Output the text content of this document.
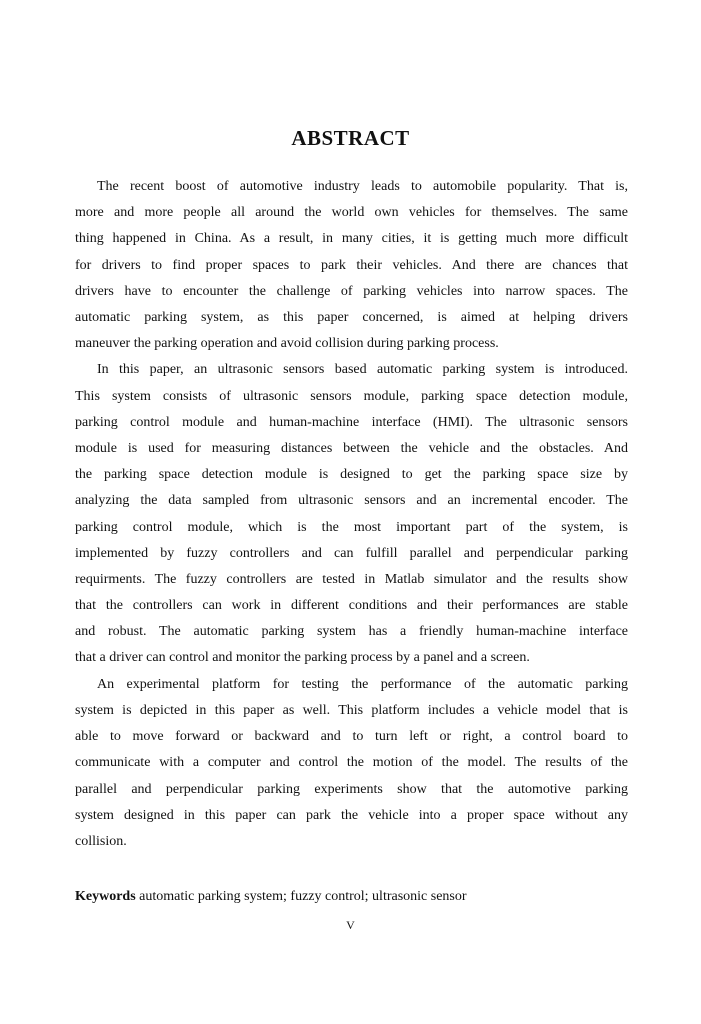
ABSTRACT
The recent boost of automotive industry leads to automobile popularity. That is,
more and more people all around the world own vehicles for themselves. The same
thing happened in China. As a result, in many cities, it is getting much more difficult
for drivers to find proper spaces to park their vehicles. And there are chances that
drivers have to encounter the challenge of parking vehicles into narrow spaces. The
automatic parking system, as this paper concerned, is aimed at helping drivers
maneuver the parking operation and avoid collision during parking process.
In this paper, an ultrasonic sensors based automatic parking system is introduced.
This system consists of ultrasonic sensors module, parking space detection module,
parking control module and human-machine interface (HMI). The ultrasonic sensors
module is used for measuring distances between the vehicle and the obstacles. And
the parking space detection module is designed to get the parking space size by
analyzing the data sampled from ultrasonic sensors and an incremental encoder. The
parking control module, which is the most important part of the system, is
implemented by fuzzy controllers and can fulfill parallel and perpendicular parking
requirments. The fuzzy controllers are tested in Matlab simulator and the results show
that the controllers can work in different conditions and their performances are stable
and robust. The automatic parking system has a friendly human-machine interface
that a driver can control and monitor the parking process by a panel and a screen.
An experimental platform for testing the performance of the automatic parking
system is depicted in this paper as well. This platform includes a vehicle model that is
able to move forward or backward and to turn left or right, a control board to
communicate with a computer and control the motion of the model. The results of the
parallel and perpendicular parking experiments show that the automotive parking
system designed in this paper can park the vehicle into a proper space without any
collision.
Keywords automatic parking system; fuzzy control; ultrasonic sensor
V
